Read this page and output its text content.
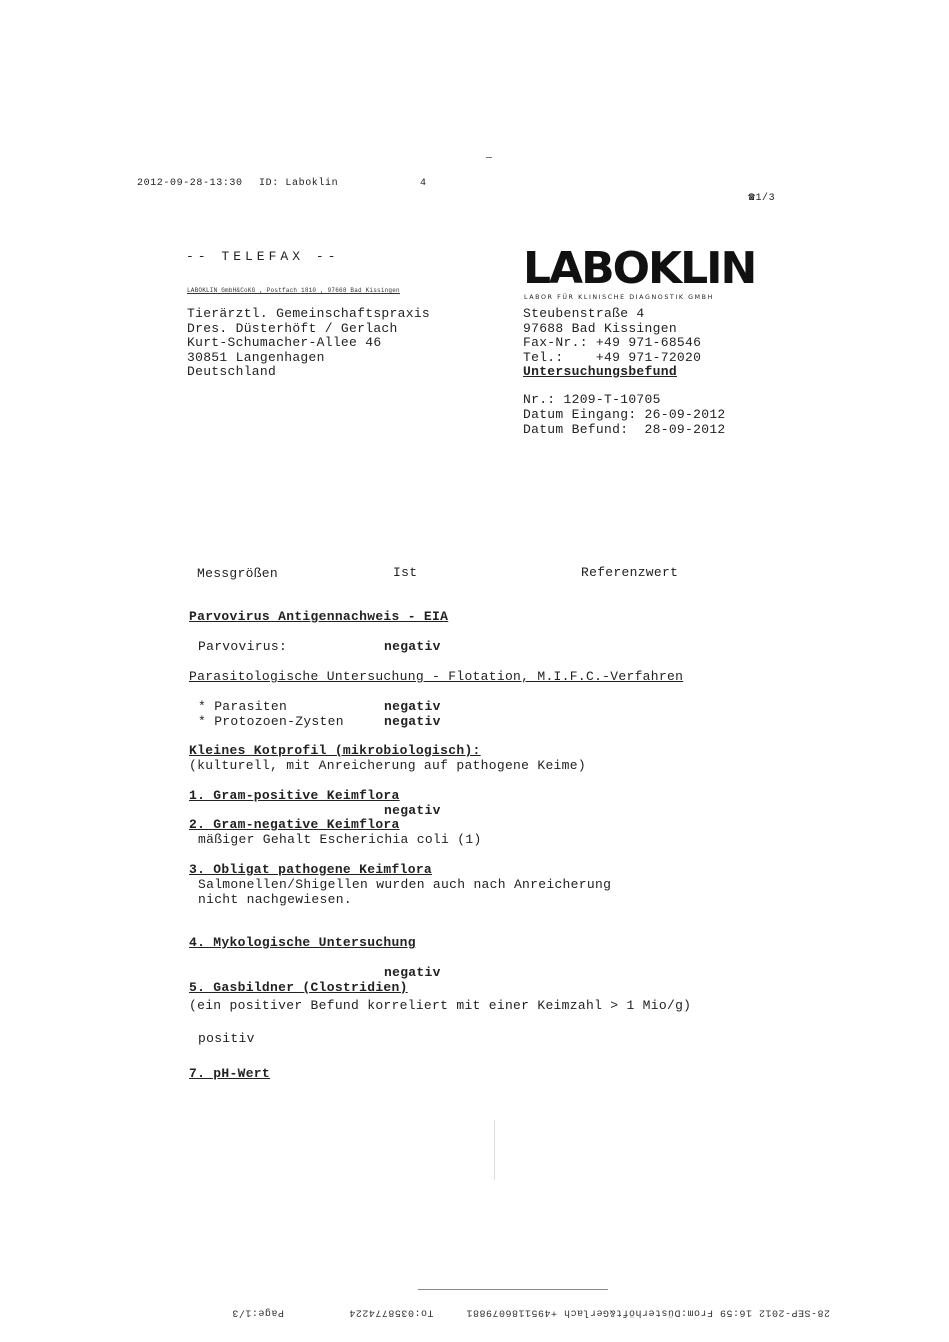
2012-09-28-13:30 ID: Laboklin	4

☎1/3

-- TELEFAX --
LABOKLIN GmbH&CoKG , Postfach 1810 , 97668 Bad Kissingen
Tierärztl. Gemeinschaftspraxis
Dres. Düsterhöft / Gerlach
Kurt-Schumacher-Allee 46
30851 Langenhagen
Deutschland
LABOKLIN
LABOR FÜR KLINISCHE DIAGNOSTIK GMBH
Steubenstraße 4
97688 Bad Kissingen
Fax-Nr.: +49 971-68546
Tel.:    +49 971-72020
Untersuchungsbefund
Nr.: 1209-T-10705
Datum Eingang: 26-09-2012
Datum Befund:  28-09-2012
Messgrößen	Ist	Referenzwert
Parvovirus Antigennachweis - EIA
Parvovirus:	negativ
Parasitologische Untersuchung - Flotation, M.I.F.C.-Verfahren
* Parasiten	negativ
* Protozoen-Zysten	negativ
Kleines Kotprofil (mikrobiologisch):
(kulturell, mit Anreicherung auf pathogene Keime)
1. Gram-positive Keimflora
negativ
2. Gram-negative Keimflora
mäßiger Gehalt Escherichia coli (1)
3. Obligat pathogene Keimflora
Salmonellen/Shigellen wurden auch nach Anreicherung
nicht nachgewiesen.
4. Mykologische Untersuchung
negativ
5. Gasbildner (Clostridien)
(ein positiver Befund korreliert mit einer Keimzahl > 1 Mio/g)
positiv
7. pH-Wert
28-SEP-2012 16:59 From:Düsterhöft&Gerlach +4951186079881     To:0358774224          Page:1/3
